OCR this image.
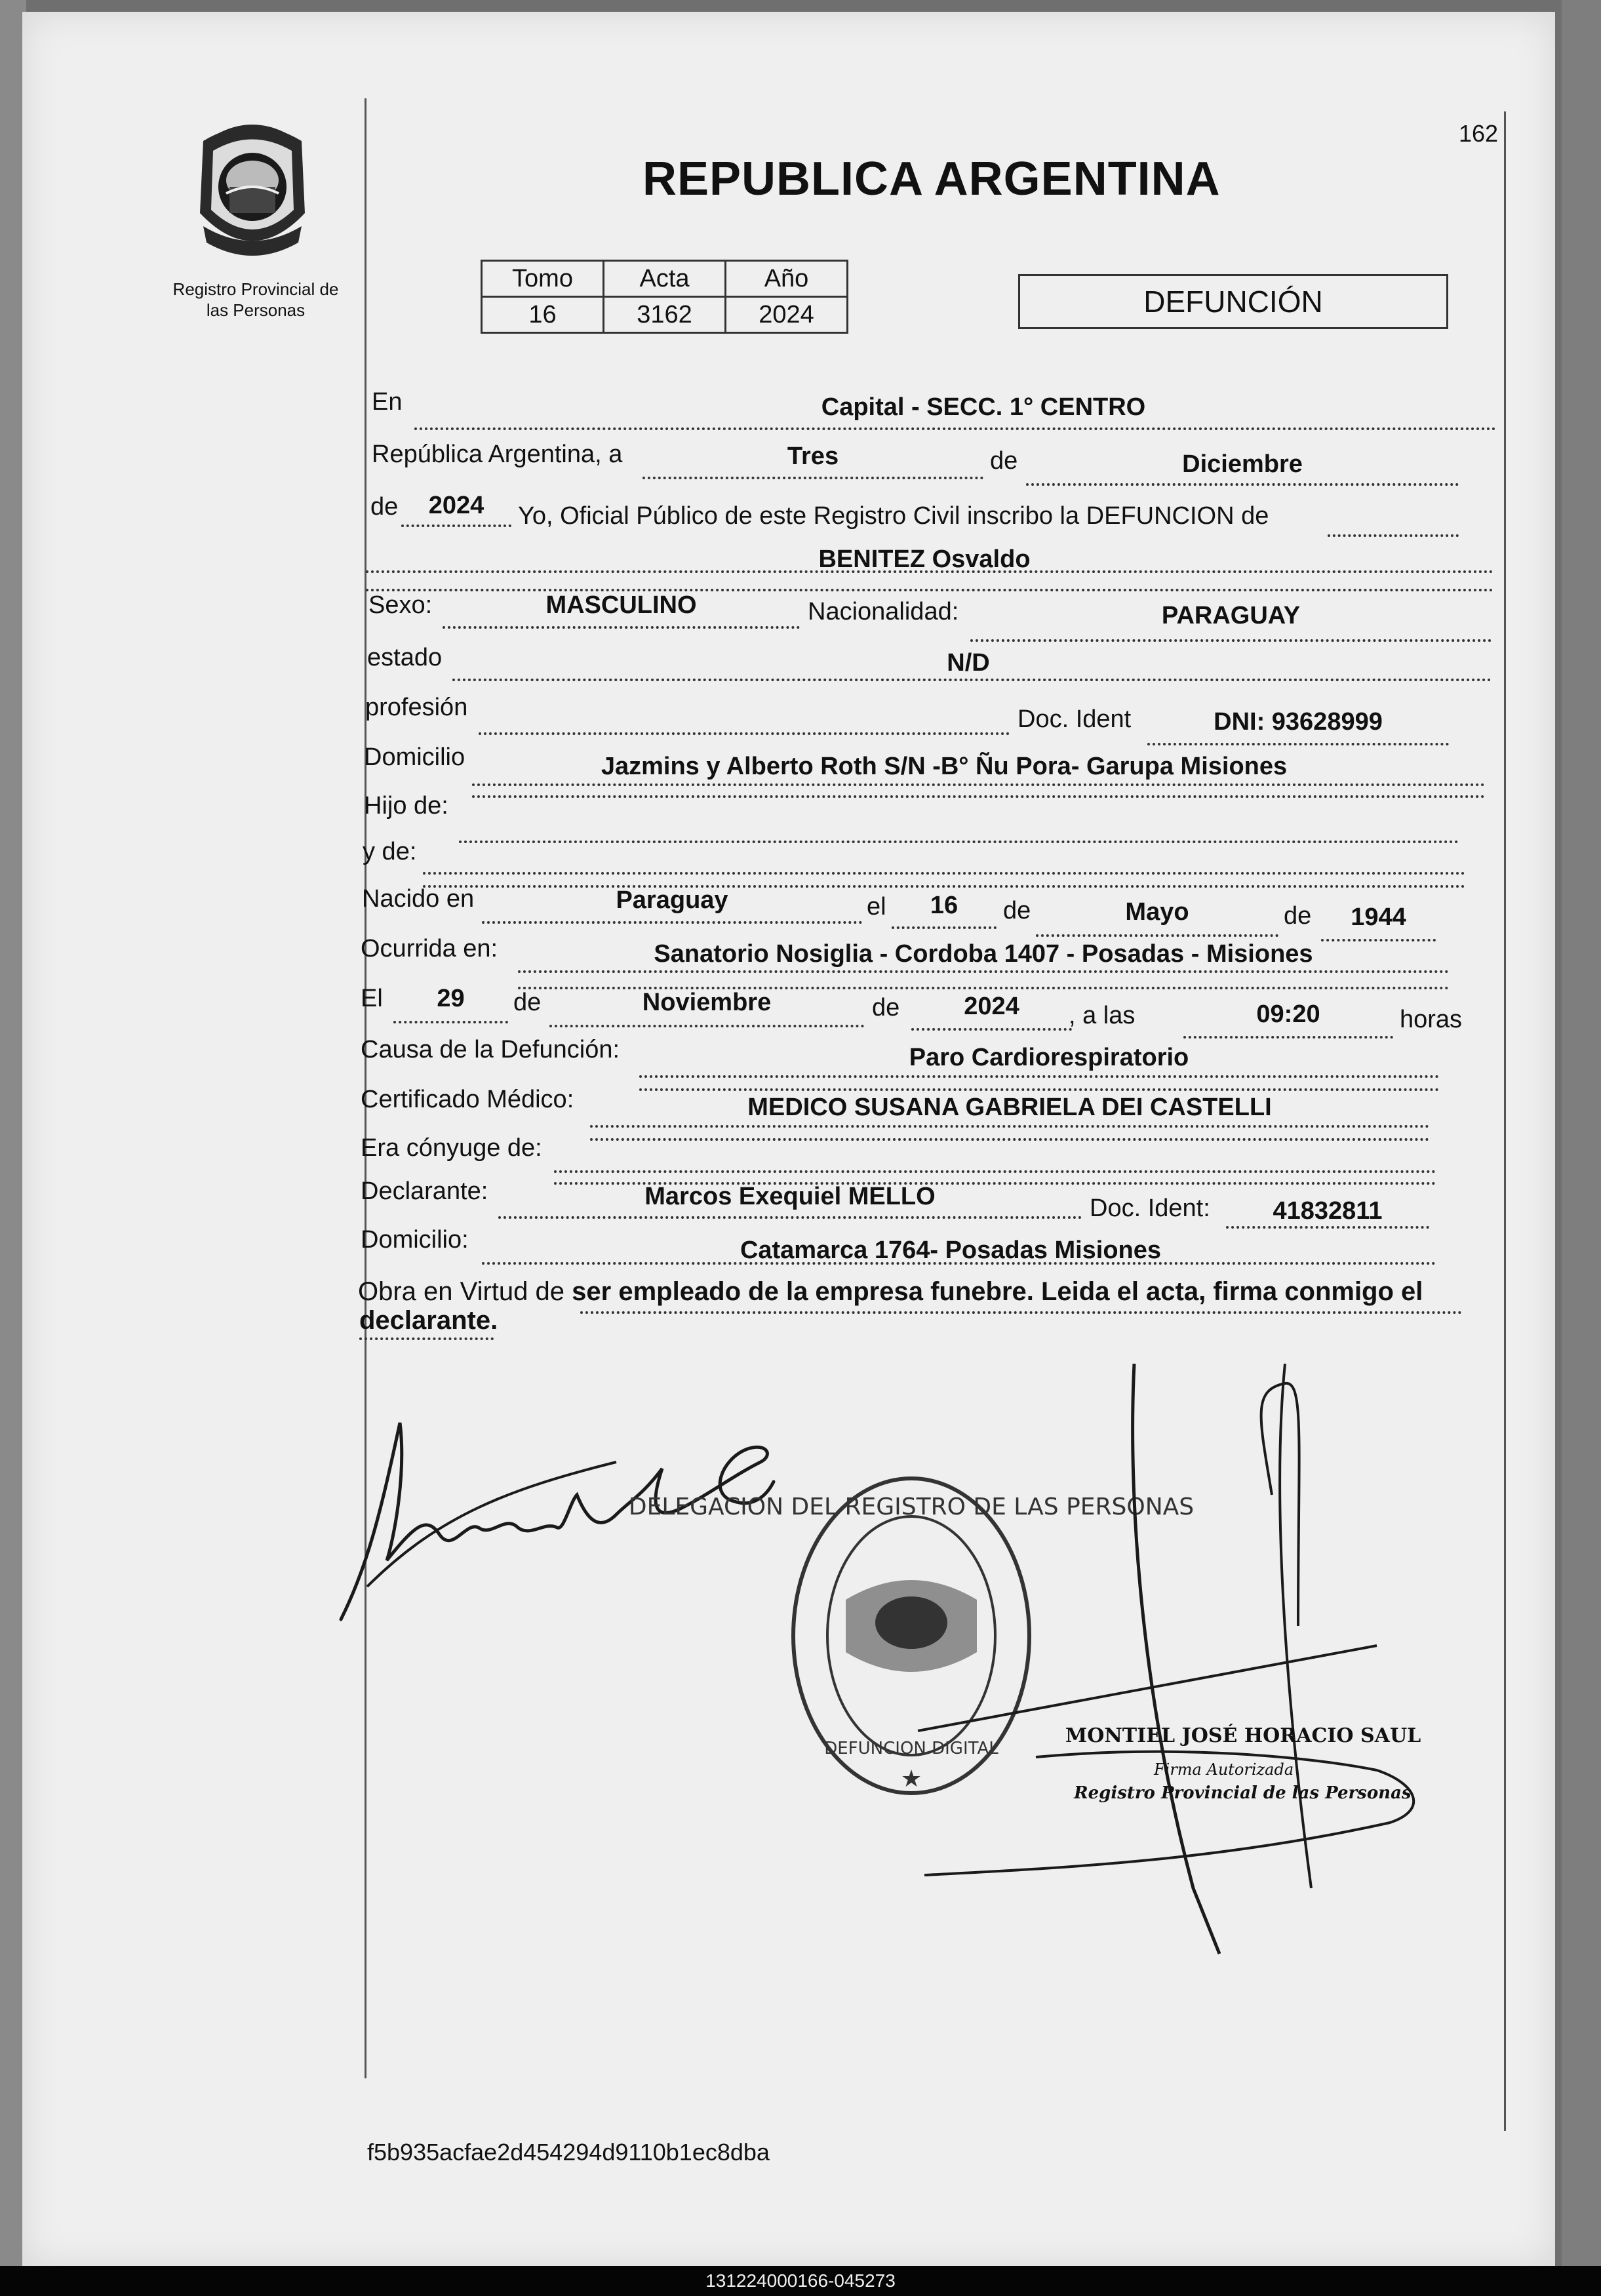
Registro Provincial de
las Personas
162
REPUBLICA ARGENTINA
Tomo	Acta	Año
16	3162	2024	DEFUNCIÓN
En	Capital - SECC. 1° CENTRO
República Argentina, a	Tres	de	Diciembre
de	2024	Yo, Oficial Público de este Registro Civil inscribo la DEFUNCION de
BENITEZ Osvaldo
Sexo:	MASCULINO	Nacionalidad:	PARAGUAY
estado	N/D
profesión	Doc. Ident	DNI: 93628999
Domicilio	Jazmins y Alberto Roth S/N -B° Ñu Pora- Garupa Misiones
Hijo de:
y de:
Nacido en	Paraguay	el	16	de	Mayo	de	1944
Ocurrida en:	Sanatorio Nosiglia - Cordoba 1407 - Posadas - Misiones
El	29	de	Noviembre	de	2024	, a las	09:20	horas
Causa de la Defunción:	Paro Cardiorespiratorio
Certificado Médico:	MEDICO SUSANA GABRIELA DEI CASTELLI
Era cónyuge de:
Declarante:	Marcos Exequiel MELLO	Doc. Ident:	41832811
Domicilio:	Catamarca 1764- Posadas Misiones
Obra en Virtud de ser empleado de la empresa funebre. Leida el acta, firma conmigo el
declarante.
DELEGACION DEL REGISTRO DE LAS PERSONAS
DEFUNCION DIGITAL
★
MONTIEL JOSÉ HORACIO SAUL
Firma Autorizada
Registro Provincial de las Personas
f5b935acfae2d454294d9110b1ec8dba
131224000166-045273
